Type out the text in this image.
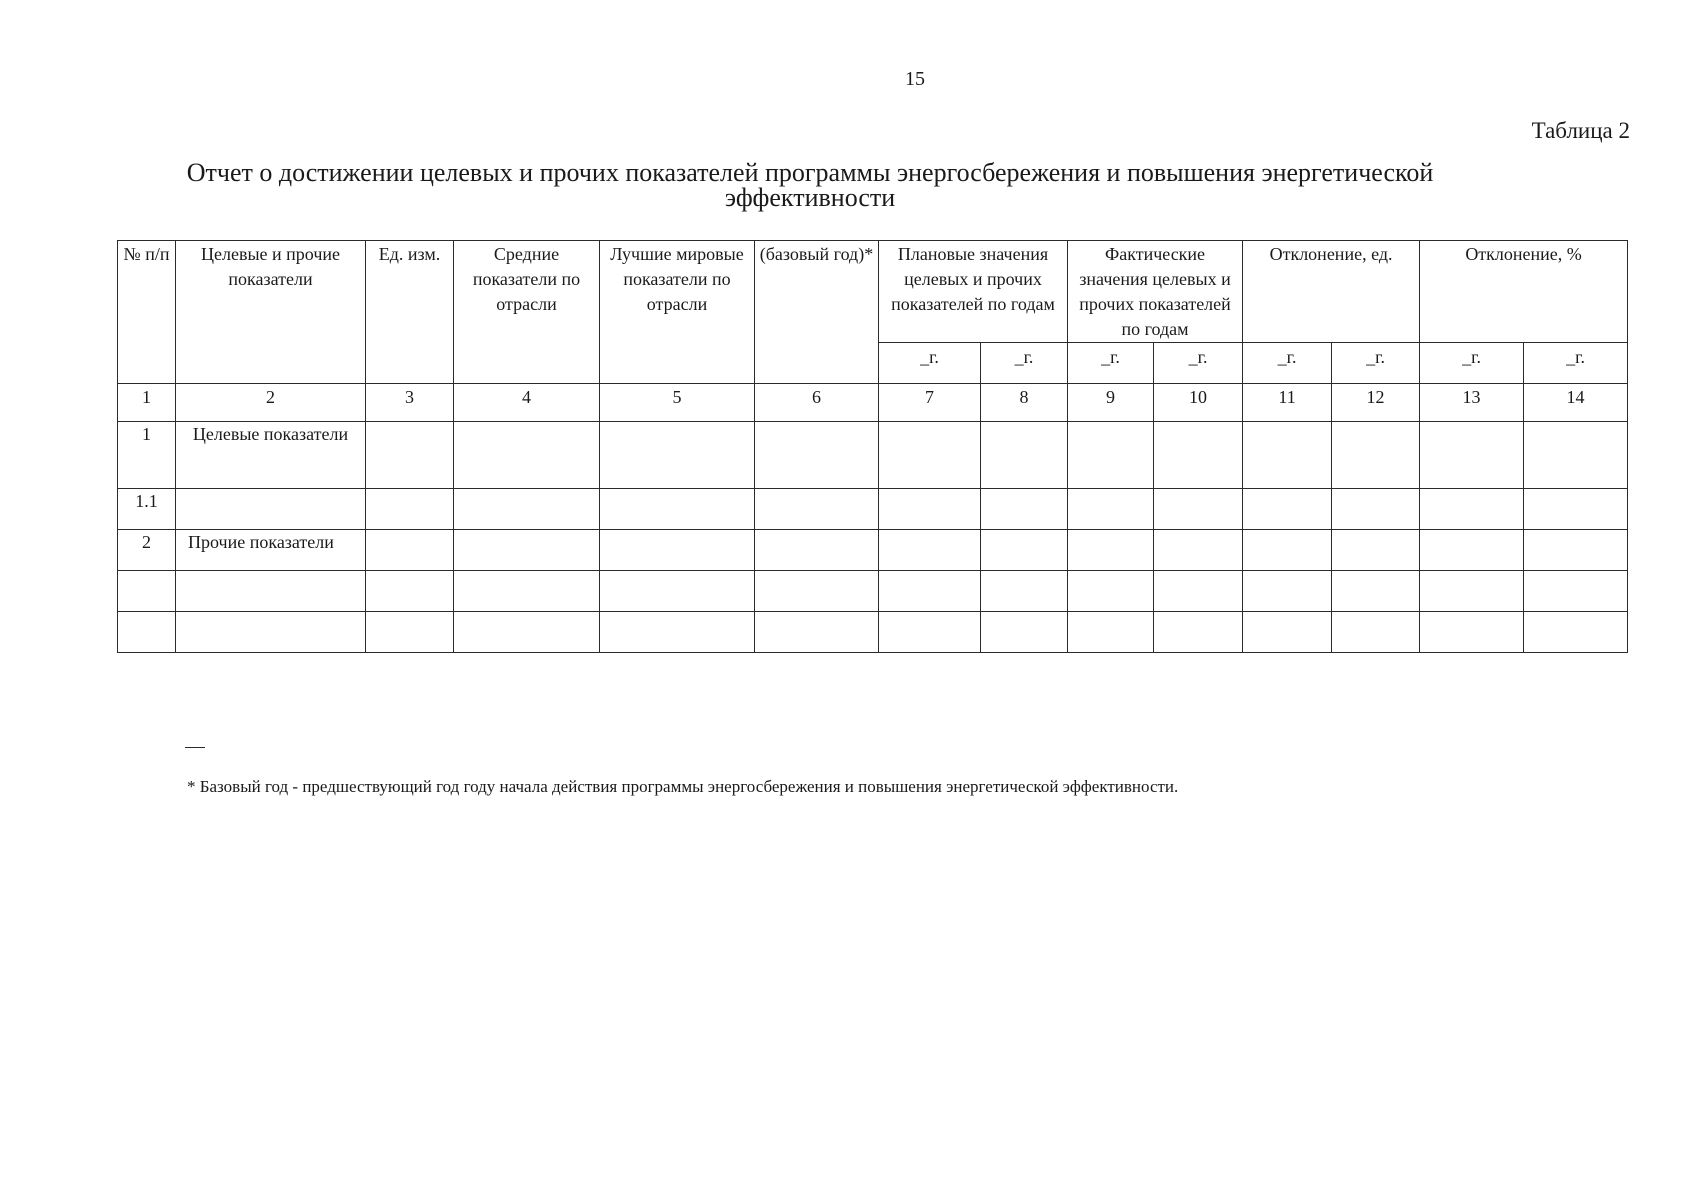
15
Таблица 2
Отчет о достижении целевых и прочих показателей программы энергосбережения и повышения энергетической эффективности
№ п/п	Целевые и прочие показатели	Ед. изм.	Средние показатели по отрасли	Лучшие мировые показатели по отрасли	(базовый год)*	Плановые значения целевых и прочих показателей по годам		Фактические значения целевых и прочих показателей по годам		Отклонение, ед.		Отклонение, %	
						_г.	_г.	_г.	_г.	_г.	_г.	_г.	_г.
1	2	3	4	5	6	7	8	9	10	11	12	13	14
1	Целевые показатели												
1.1													
2	Прочие показатели												

* Базовый год - предшествующий год году начала действия программы энергосбережения и повышения энергетической эффективности.
